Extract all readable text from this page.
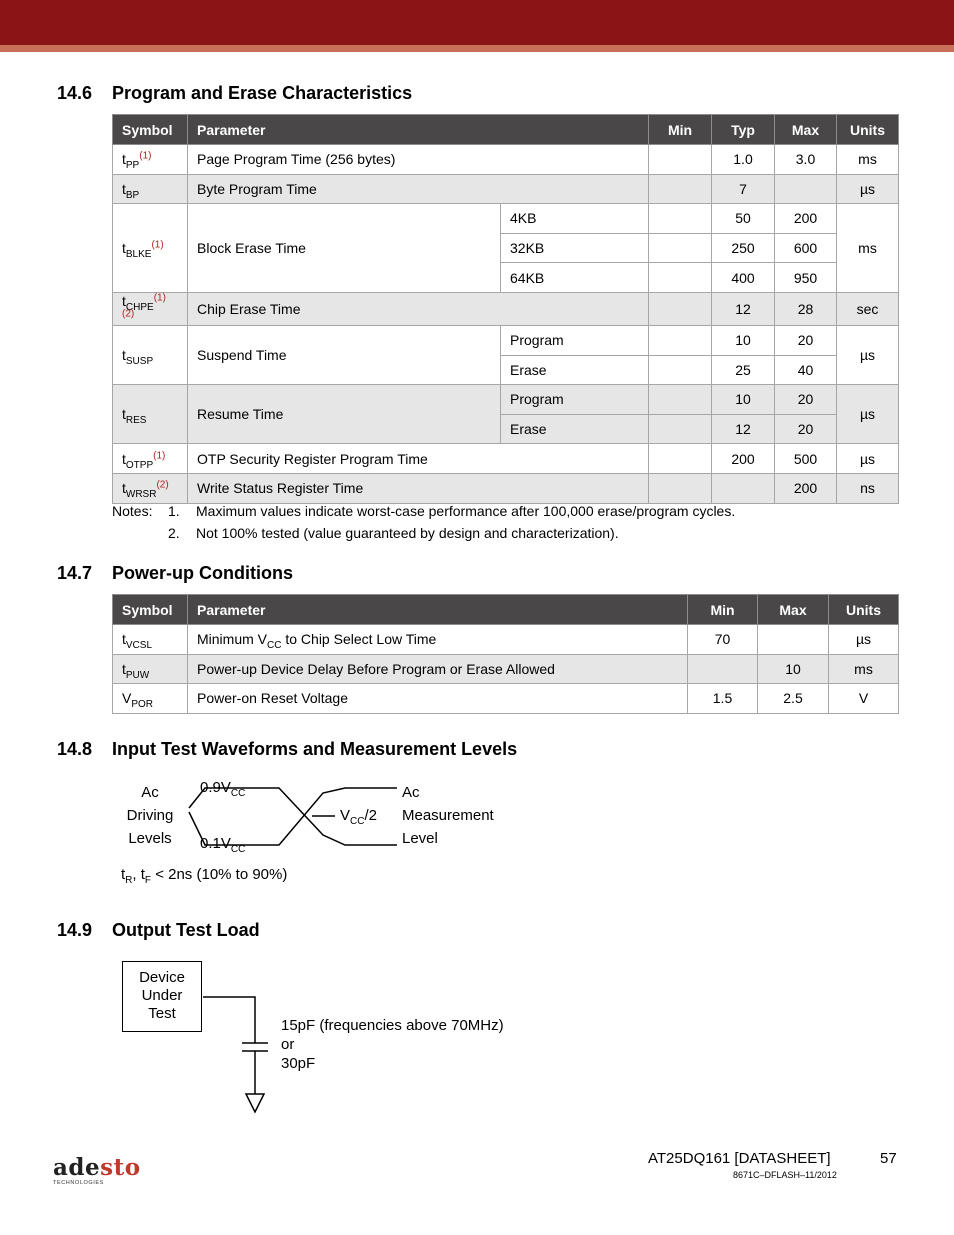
14.6 Program and Erase Characteristics
Symbol	Parameter		Min	Typ	Max	Units
$t_{PP}^{(1)}$	Page Program Time (256 bytes)			1.0	3.0	ms
$t_{BP}$	Byte Program Time			7		µs
$t_{BLKE}^{(1)}$	Block Erase Time	4KB		50	200	ms
		32KB		250	600	
		64KB		400	950	
$t_{CHPE}^{(1)(2)}$	Chip Erase Time			12	28	sec
$t_{SUSP}$	Suspend Time	Program		10	20	µs
		Erase		25	40	
$t_{RES}$	Resume Time	Program		10	20	µs
		Erase		12	20	
$t_{OTPP}^{(1)}$	OTP Security Register Program Time			200	500	µs
$t_{WRSR}^{(2)}$	Write Status Register Time				200	ns
Notes:	1.	Maximum values indicate worst-case performance after 100,000 erase/program cycles.
2.	Not 100% tested (value guaranteed by design and characterization).
14.7 Power-up Conditions
Symbol	Parameter	Min	Max	Units
$t_{VCSL}$	Minimum $V_{CC}$ to Chip Select Low Time	70		µs
$t_{PUW}$	Power-up Device Delay Before Program or Erase Allowed		10	ms
$V_{POR}$	Power-on Reset Voltage	1.5	2.5	V
14.8 Input Test Waveforms and Measurement Levels
Ac
Driving
Levels
$0.9V_{CC}$
$0.1V_{CC}$
$V_{CC}/2$
Ac
Measurement
Level
$t_R$, $t_F < 2ns$ (10% to 90%)
14.9 Output Test Load
Device
Under
Test
15pF (frequencies above 70MHz)
or
30pF
adesto
TECHNOLOGIES
AT25DQ161 [DATASHEET]	57
8671C–DFLASH–11/2012
